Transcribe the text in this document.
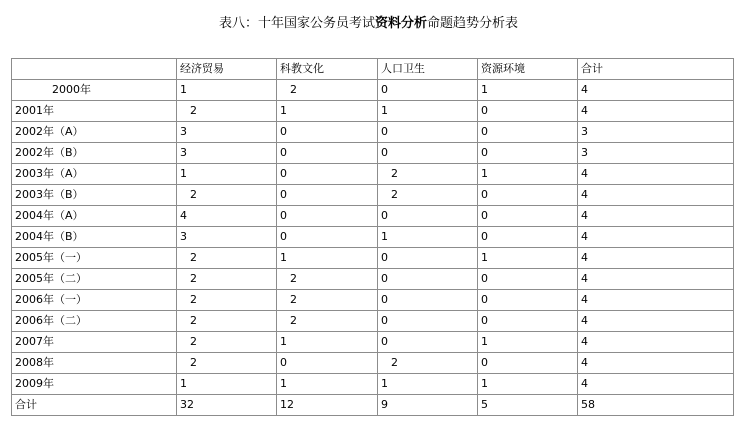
表八：十年国家公务员考试资料分析命题趋势分析表
	经济贸易	科教文化	人口卫生	资源环境	合计
2000年	1	2	0	1	4
2001年	2	1	1	0	4
2002年（A）	3	0	0	0	3
2002年（B）	3	0	0	0	3
2003年（A）	1	0	2	1	4
2003年（B）	2	0	2	0	4
2004年（A）	4	0	0	0	4
2004年（B）	3	0	1	0	4
2005年（一）	2	1	0	1	4
2005年（二）	2	2	0	0	4
2006年（一）	2	2	0	0	4
2006年（二）	2	2	0	0	4
2007年	2	1	0	1	4
2008年	2	0	2	0	4
2009年	1	1	1	1	4
合计	32	12	9	5	58
